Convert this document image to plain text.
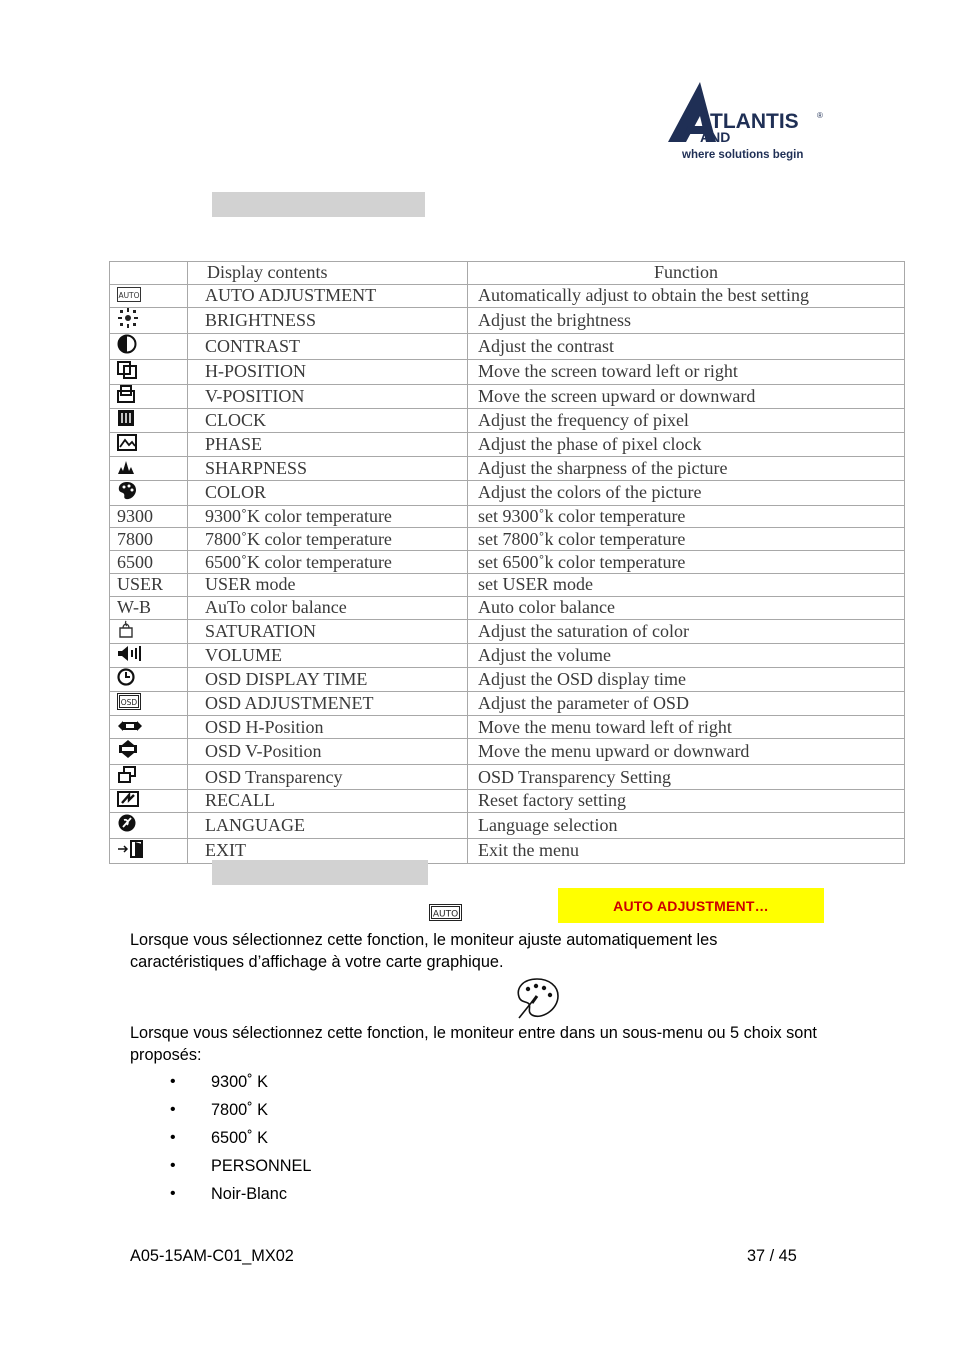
TLANTIS
AND
®
where solutions begin
	Display contents	Function

AUTO	AUTO ADJUSTMENT	Automatically adjust to obtain the best setting
	BRIGHTNESS	Adjust the brightness
	CONTRAST	Adjust the contrast
	H-POSITION	Move the screen toward left or right
	V-POSITION	Move the screen upward or downward
	CLOCK	Adjust the frequency of pixel
	PHASE	Adjust the phase of pixel clock
	SHARPNESS	Adjust the sharpness of the picture
	COLOR	Adjust the colors of the picture
9300	9300˚K color temperature	set 9300˚k color temperature
7800	7800˚K color temperature	set 7800˚k color temperature
6500	6500˚K color temperature	set 6500˚k color temperature
USER	USER mode	set USER mode
W-B	AuTo color balance	Auto color balance
	SATURATION	Adjust the saturation of color
	VOLUME	Adjust the volume
	OSD DISPLAY TIME	Adjust the OSD display time

OSD	OSD ADJUSTMENET	Adjust the parameter of OSD
	OSD H-Position	Move the menu toward left of right
	OSD V-Position	Move the menu upward or downward
	OSD Transparency	OSD Transparency Setting
	RECALL	Reset factory setting
	LANGUAGE	Language selection
	EXIT	Exit the menu
AUTO
AUTO ADJUSTMENT…
Lorsque vous sélectionnez cette fonction, le moniteur ajuste automatiquement les caractéristiques d’affichage à votre carte graphique.
Lorsque vous sélectionnez cette fonction, le moniteur entre dans un sous-menu ou 5 choix sont proposés:
• 9300˚ K
• 7800˚ K
• 6500˚ K
• PERSONNEL
• Noir-Blanc
A05-15AM-C01_MX02	37 / 45
